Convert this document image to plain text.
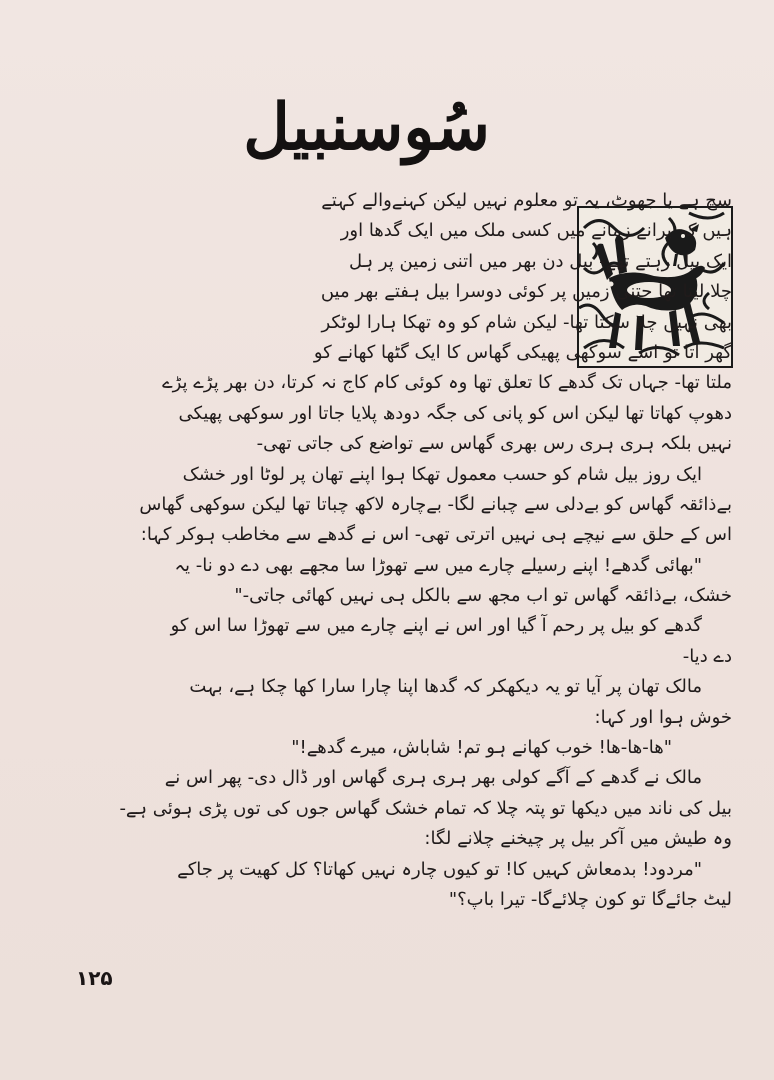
سُوسنبیل
سچ ہے یا جھوٹ، یہ تو معلوم نہیں لیکن کہنےوالے کہتے
ہیں کہ پرانے زمانے میں کسی ملک میں ایک گدھا اور
ایک بیل رہتے تھے- بیل دن بھر میں اتنی زمین پر ہل
چلا لیتا تھا جتنی زمین پر کوئی دوسرا بیل ہفتے بھر میں
بھی نہیں چلا سکتا تھا- لیکن شام کو وہ تھکا ہارا لوٹکر
گھر آتا تو اسے سوکھی پھیکی گھاس کا ایک گٹھا کھانے کو
ملتا تھا- جہاں تک گدھے کا تعلق تھا وہ کوئی کام کاج نہ کرتا، دن بھر پڑے پڑے
دھوپ کھاتا تھا لیکن اس کو پانی کی جگہ دودھ پلایا جاتا اور سوکھی پھیکی
نہیں بلکہ ہری ہری رس بھری گھاس سے تواضع کی جاتی تھی-
ایک روز بیل شام کو حسب معمول تھکا ہوا اپنے تھان پر لوٹا اور خشک
بےذائقہ گھاس کو بےدلی سے چبانے لگا- بےچارہ لاکھ چباتا تھا لیکن سوکھی گھاس
اس کے حلق سے نیچے ہی نہیں اترتی تھی- اس نے گدھے سے مخاطب ہوکر کہا:
"بھائی گدھے! اپنے رسیلے چارے میں سے تھوڑا سا مجھے بھی دے دو نا- یہ
خشک، بےذائقہ گھاس تو اب مجھ سے بالکل ہی نہیں کھائی جاتی-"
گدھے کو بیل پر رحم آ گیا اور اس نے اپنے چارے میں سے تھوڑا سا اس کو
دے دیا-
مالک تھان پر آیا تو یہ دیکھکر کہ گدھا اپنا چارا سارا کھا چکا ہے، بہت
خوش ہوا اور کہا:
"ھا-ھا-ھا! خوب کھانے ہو تم! شاباش، میرے گدھے!"
مالک نے گدھے کے آگے کولی بھر ہری ہری گھاس اور ڈال دی- پھر اس نے
بیل کی ناند میں دیکھا تو پتہ چلا کہ تمام خشک گھاس جوں کی توں پڑی ہوئی ہے-
وہ طیش میں آکر بیل پر چیخنے چلانے لگا:
"مردود! بدمعاش کہیں کا! تو کیوں چارہ نہیں کھاتا؟ کل کھیت پر جاکے
لیٹ جائےگا تو کون چلائےگا- تیرا باپ؟"
۱۲۵
